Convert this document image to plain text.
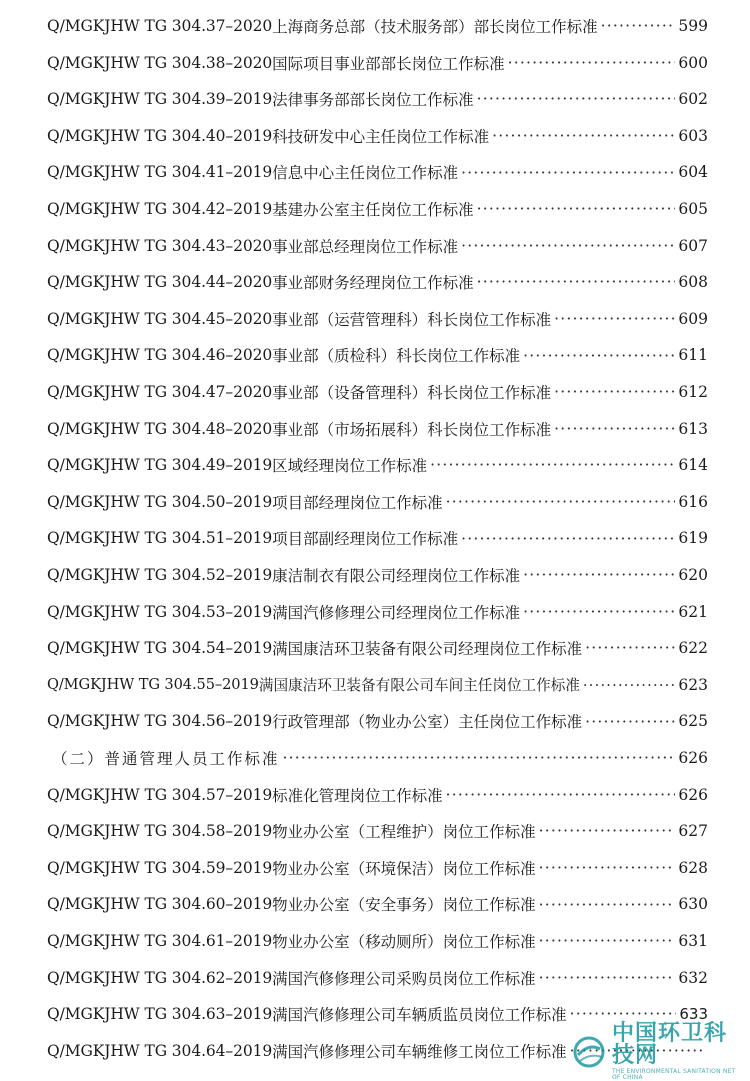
Q/MGKJHW TG 304.37–2020 上海商务总部（技术服务部）部长岗位工作标准 ·····	599
Q/MGKJHW TG 304.38–2020 国际项目事业部部长岗位工作标准 ·····	600
Q/MGKJHW TG 304.39–2019 法律事务部部长岗位工作标准 ·····	602
Q/MGKJHW TG 304.40–2019 科技研发中心主任岗位工作标准 ·····	603
Q/MGKJHW TG 304.41–2019 信息中心主任岗位工作标准 ·····	604
Q/MGKJHW TG 304.42–2019 基建办公室主任岗位工作标准 ·····	605
Q/MGKJHW TG 304.43–2020 事业部总经理岗位工作标准 ·····	607
Q/MGKJHW TG 304.44–2020 事业部财务经理岗位工作标准 ·····	608
Q/MGKJHW TG 304.45–2020 事业部（运营管理科）科长岗位工作标准 ·····	609
Q/MGKJHW TG 304.46–2020 事业部（质检科）科长岗位工作标准 ·····	611
Q/MGKJHW TG 304.47–2020 事业部（设备管理科）科长岗位工作标准 ·····	612
Q/MGKJHW TG 304.48–2020 事业部（市场拓展科）科长岗位工作标准 ·····	613
Q/MGKJHW TG 304.49–2019 区域经理岗位工作标准 ·····	614
Q/MGKJHW TG 304.50–2019 项目部经理岗位工作标准 ·····	616
Q/MGKJHW TG 304.51–2019 项目部副经理岗位工作标准 ·····	619
Q/MGKJHW TG 304.52–2019 康洁制衣有限公司经理岗位工作标准 ·····	620
Q/MGKJHW TG 304.53–2019 满国汽修修理公司经理岗位工作标准 ·····	621
Q/MGKJHW TG 304.54–2019 满国康洁环卫装备有限公司经理岗位工作标准 ·····	622
Q/MGKJHW TG 304.55–2019 满国康洁环卫装备有限公司车间主任岗位工作标准 ·····	623
Q/MGKJHW TG 304.56–2019 行政管理部（物业办公室）主任岗位工作标准 ·····	625
（二）普通管理人员工作标准 ·····	626
Q/MGKJHW TG 304.57–2019 标准化管理岗位工作标准 ·····	626
Q/MGKJHW TG 304.58–2019 物业办公室（工程维护）岗位工作标准 ·····	627
Q/MGKJHW TG 304.59–2019 物业办公室（环境保洁）岗位工作标准 ·····	628
Q/MGKJHW TG 304.60–2019 物业办公室（安全事务）岗位工作标准 ·····	630
Q/MGKJHW TG 304.61–2019 物业办公室（移动厕所）岗位工作标准 ·····	631
Q/MGKJHW TG 304.62–2019 满国汽修修理公司采购员岗位工作标准 ·····	632
Q/MGKJHW TG 304.63–2019 满国汽修修理公司车辆质监员岗位工作标准 ·····	633
Q/MGKJHW TG 304.64–2019 满国汽修修理公司车辆维修工岗位工作标准
·····
中国环卫科技网
THE ENVIRONMENTAL SANITATION NET OF CHINA
